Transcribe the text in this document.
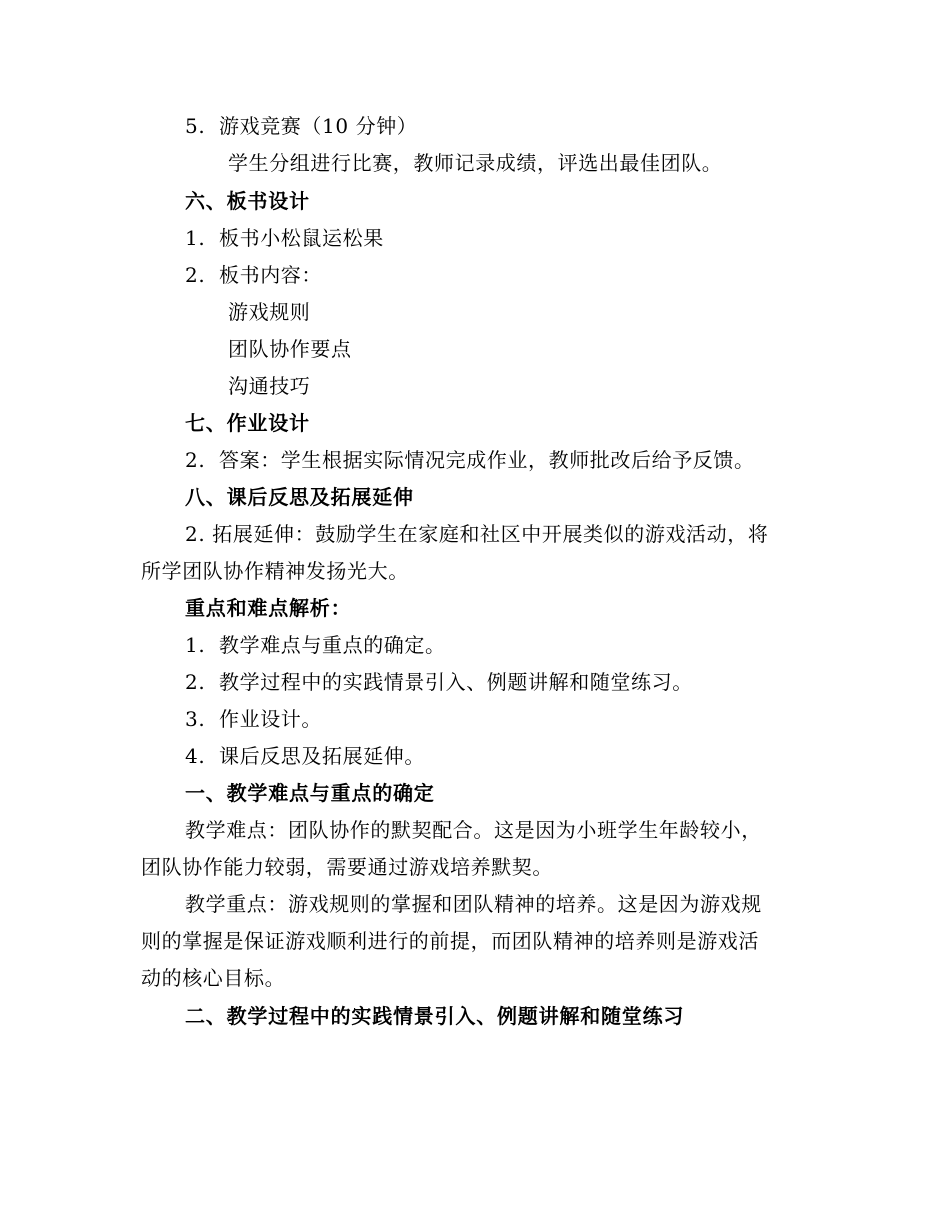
5. 游戏竞赛（10 分钟）
学生分组进行比赛，教师记录成绩，评选出最佳团队。
六、板书设计
1. 板书小松鼠运松果
2. 板书内容：
游戏规则
团队协作要点
沟通技巧
七、作业设计
2. 答案：学生根据实际情况完成作业，教师批改后给予反馈。
八、课后反思及拓展延伸
2. 拓展延伸：鼓励学生在家庭和社区中开展类似的游戏活动，将
所学团队协作精神发扬光大。
重点和难点解析：
1. 教学难点与重点的确定。
2. 教学过程中的实践情景引入、例题讲解和随堂练习。
3. 作业设计。
4. 课后反思及拓展延伸。
一、教学难点与重点的确定
教学难点：团队协作的默契配合。这是因为小班学生年龄较小，
团队协作能力较弱，需要通过游戏培养默契。
教学重点：游戏规则的掌握和团队精神的培养。这是因为游戏规
则的掌握是保证游戏顺利进行的前提，而团队精神的培养则是游戏活
动的核心目标。
二、教学过程中的实践情景引入、例题讲解和随堂练习
